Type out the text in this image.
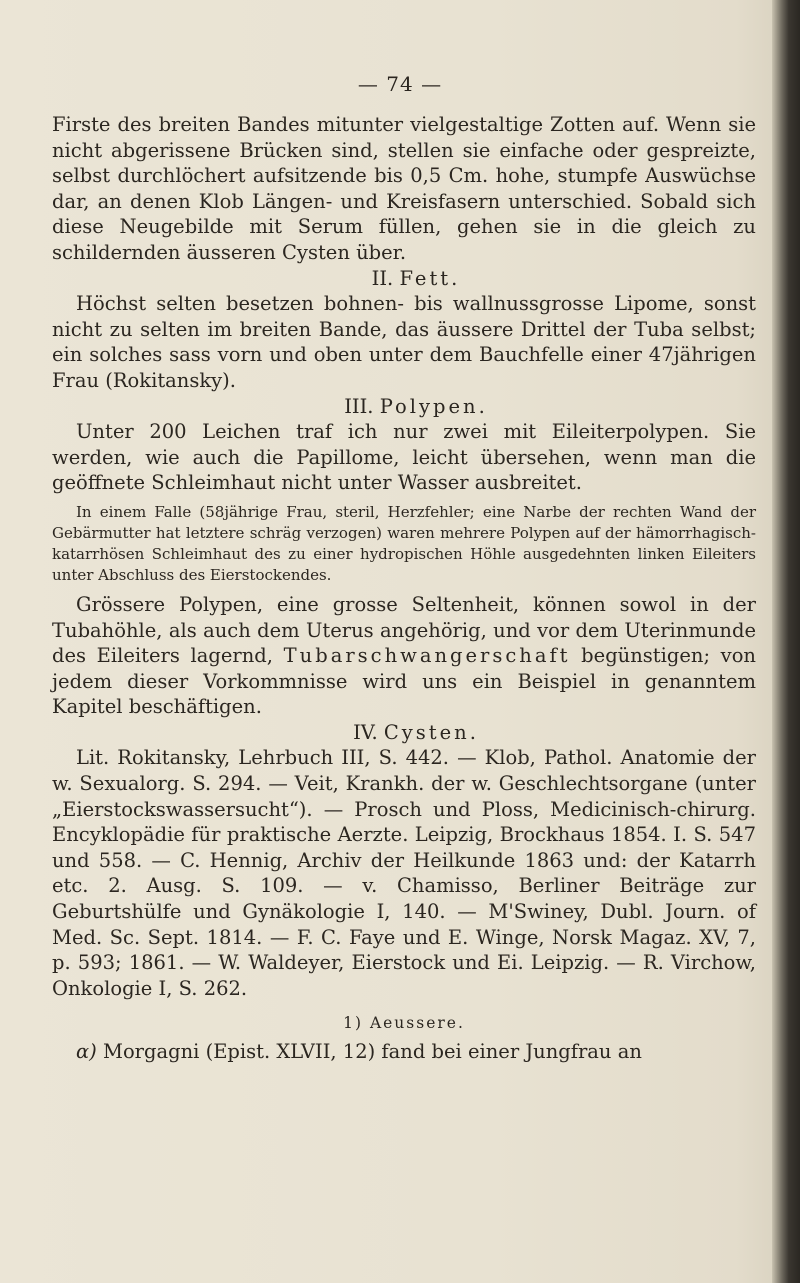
— 74 —

Firste des breiten Bandes mitunter vielgestaltige Zotten auf. Wenn sie nicht abgerissene Brücken sind, stellen sie einfache oder gespreizte, selbst durchlöchert aufsitzende bis 0,5 Cm. hohe, stumpfe Auswüchse dar, an denen Klob Längen- und Kreisfasern unterschied. Sobald sich diese Neugebilde mit Serum füllen, gehen sie in die gleich zu schildernden äusseren Cysten über.

II. Fett.

Höchst selten besetzen bohnen- bis wallnussgrosse Lipome, sonst nicht zu selten im breiten Bande, das äussere Drittel der Tuba selbst; ein solches sass vorn und oben unter dem Bauchfelle einer 47jährigen Frau (Rokitansky).

III. Polypen.

Unter 200 Leichen traf ich nur zwei mit Eileiterpolypen. Sie werden, wie auch die Papillome, leicht übersehen, wenn man die geöffnete Schleimhaut nicht unter Wasser ausbreitet.

In einem Falle (58jährige Frau, steril, Herzfehler; eine Narbe der rechten Wand der Gebärmutter hat letztere schräg verzogen) waren mehrere Polypen auf der hämorrhagisch-katarrhösen Schleimhaut des zu einer hydropischen Höhle ausgedehnten linken Eileiters unter Abschluss des Eierstockendes.

Grössere Polypen, eine grosse Seltenheit, können sowol in der Tubahöhle, als auch dem Uterus angehörig, und vor dem Uterinmunde des Eileiters lagernd, Tubarschwangerschaft begünstigen; von jedem dieser Vorkommnisse wird uns ein Beispiel in genanntem Kapitel beschäftigen.

IV. Cysten.

Lit. Rokitansky, Lehrbuch III, S. 442. — Klob, Pathol. Anatomie der w. Sexualorg. S. 294. — Veit, Krankh. der w. Geschlechtsorgane (unter „Eierstockswassersucht“). — Prosch und Ploss, Medicinisch-chirurg. Encyklopädie für praktische Aerzte. Leipzig, Brockhaus 1854. I. S. 547 und 558. — C. Hennig, Archiv der Heilkunde 1863 und: der Katarrh etc. 2. Ausg. S. 109. — v. Chamisso, Berliner Beiträge zur Geburtshülfe und Gynäkologie I, 140. — M'Swiney, Dubl. Journ. of Med. Sc. Sept. 1814. — F. C. Faye und E. Winge, Norsk Magaz. XV, 7, p. 593; 1861. — W. Waldeyer, Eierstock und Ei. Leipzig. — R. Virchow, Onkologie I, S. 262.

1) Aeussere.

α) Morgagni (Epist. XLVII, 12) fand bei einer Jungfrau an
